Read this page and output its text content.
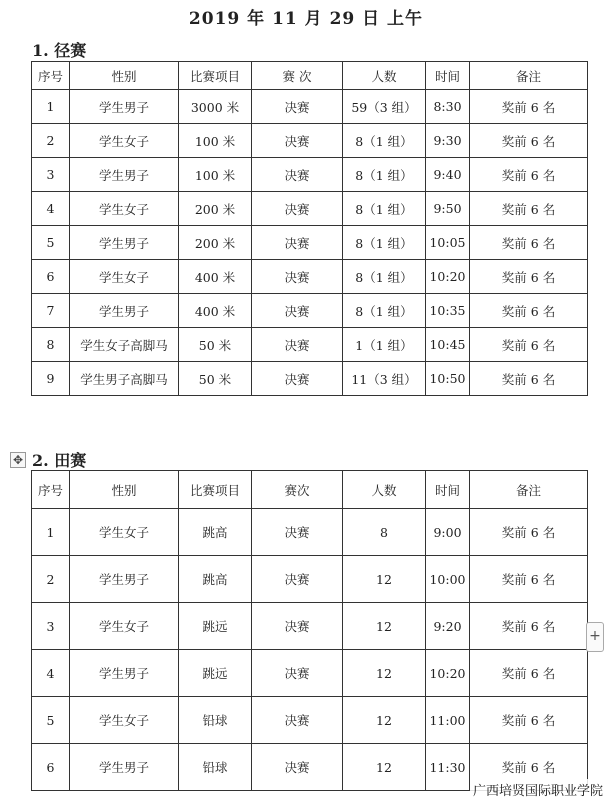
2019 年 11 月 29 日 上午
1. 径赛
序号	性别	比赛项目	赛 次	人数	时间	备注
1	学生男子	3000 米	决赛	59（3 组）	8:30	奖前 6 名
2	学生女子	100 米	决赛	8（1 组）	9:30	奖前 6 名
3	学生男子	100 米	决赛	8（1 组）	9:40	奖前 6 名
4	学生女子	200 米	决赛	8（1 组）	9:50	奖前 6 名
5	学生男子	200 米	决赛	8（1 组）	10:05	奖前 6 名
6	学生女子	400 米	决赛	8（1 组）	10:20	奖前 6 名
7	学生男子	400 米	决赛	8（1 组）	10:35	奖前 6 名
8	学生女子高脚马	50 米	决赛	1（1 组）	10:45	奖前 6 名
9	学生男子高脚马	50 米	决赛	11（3 组）	10:50	奖前 6 名
✥ 2. 田赛
序号	性别	比赛项目	赛次	人数	时间	备注
1	学生女子	跳高	决赛	8	9:00	奖前 6 名
2	学生男子	跳高	决赛	12	10:00	奖前 6 名
3	学生女子	跳远	决赛	12	9:20	奖前 6 名
4	学生男子	跳远	决赛	12	10:20	奖前 6 名
5	学生女子	铅球	决赛	12	11:00	奖前 6 名
6	学生男子	铅球	决赛	12	11:30	奖前 6 名
+
广西培贤国际职业学院
